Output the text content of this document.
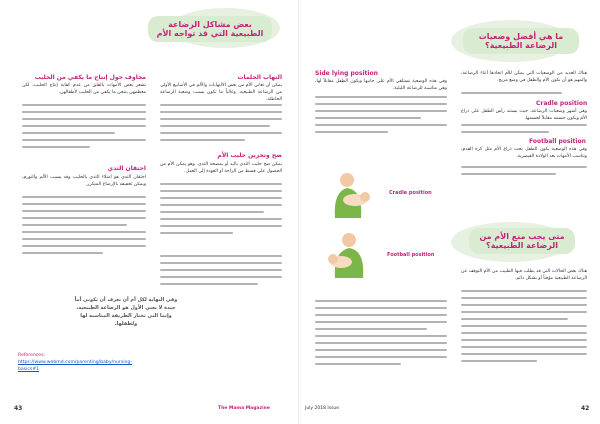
بعض مشاكل الرضاعة الطبيعية التي قد تواجه الأم
التهاب الحلمات
يمكن أن تعاني الأم من بعض الالتهابات والألم في الأسابيع الأولى من الرضاعة الطبيعية. وغالباً ما تكون بسبب وضعية الرضاعة الخاطئة.
ضخ وتخزين حليب الأم
يمكن ضخ حليب الثدي باليد أو بمضخة الثدي. وهو يمكن الأم من الحصول على قسط من الراحة أو العودة إلى العمل.
مخاوف حول إنتاج ما يكفي من الحليب
تشعر بعض الأمهات بالقلق من عدم كفاية إنتاج الحليب، لكن معظمهن ينتجن ما يكفي من الحليب لأطفالهن.
احتقان الثدي
احتقان الثدي هو امتلاء الثدي بالحليب وقد يسبب الألم والتورم، ويمكن تخفيفه بالإرضاع المتكرر.
وفي النهاية لكل أم أن تعرف أن تكوني أماً جيدة لا يعني الأول هو الرضاعة الطبيعية، وإنما التي تختار الطريقة المناسبة لها ولطفلها.
References:
https://www.webmd.com/parenting/baby/nursing-basics#1
43	The Mama Magazine
ما هي أفضل وضعيات الرضاعة الطبيعية؟
هناك العديد من الوضعيات التي يمكن للأم اتخاذها أثناء الرضاعة، والمهم هو أن تكون الأم والطفل في وضع مريح.
Cradle position
وهي أشهر وضعيات الرضاعة، حيث يستند رأس الطفل على ذراع الأم ويكون جسمه مقابلاً لجسمها.
Football position
وفي هذه الوضعية يكون الطفل تحت ذراع الأم مثل كرة القدم، وتناسب الأمهات بعد الولادة القيصرية.
متى يجب منع الأم من الرضاعة الطبيعية؟
هناك بعض الحالات التي قد يطلب فيها الطبيب من الأم التوقف عن الرضاعة الطبيعية مؤقتاً أو بشكل دائم.
Side lying position
وفي هذه الوضعية تستلقي الأم على جانبها ويكون الطفل مقابلاً لها، وهي مناسبة للرضاعة الليلية.
Cradle position
Football position
July 2018 Issue	42
